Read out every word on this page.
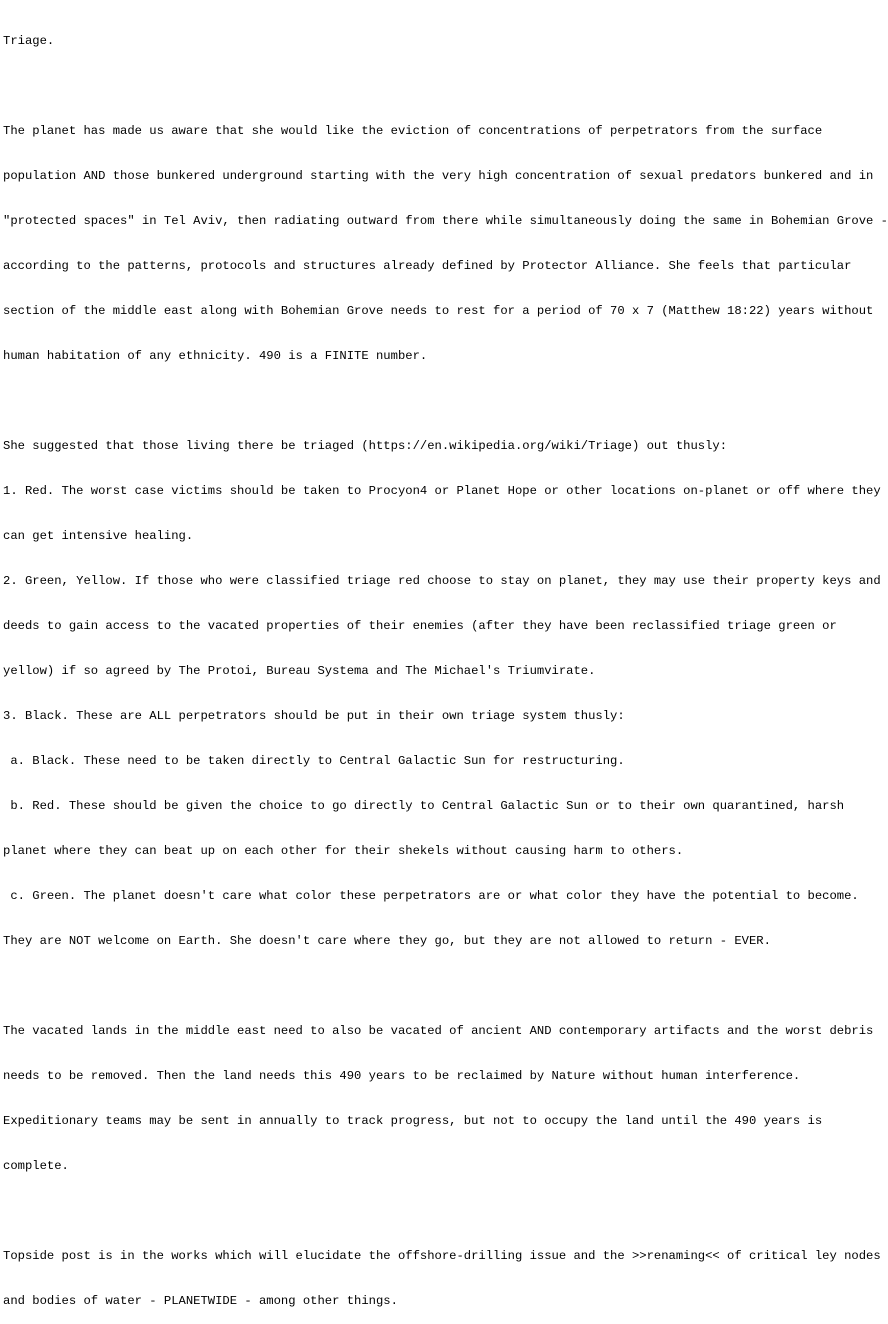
Triage.

The planet has made us aware that she would like the eviction of concentrations of perpetrators from the surface

population AND those bunkered underground starting with the very high concentration of sexual predators bunkered and in

"protected spaces" in Tel Aviv, then radiating outward from there while simultaneously doing the same in Bohemian Grove -

according to the patterns, protocols and structures already defined by Protector Alliance. She feels that particular

section of the middle east along with Bohemian Grove needs to rest for a period of 70 x 7 (Matthew 18:22) years without

human habitation of any ethnicity. 490 is a FINITE number.

She suggested that those living there be triaged (https://en.wikipedia.org/wiki/Triage) out thusly:

1. Red. The worst case victims should be taken to Procyon4 or Planet Hope or other locations on-planet or off where they

can get intensive healing.

2. Green, Yellow. If those who were classified triage red choose to stay on planet, they may use their property keys and

deeds to gain access to the vacated properties of their enemies (after they have been reclassified triage green or

yellow) if so agreed by The Protoi, Bureau Systema and The Michael's Triumvirate.

3. Black. These are ALL perpetrators should be put in their own triage system thusly:

a. Black. These need to be taken directly to Central Galactic Sun for restructuring.

b. Red. These should be given the choice to go directly to Central Galactic Sun or to their own quarantined, harsh

planet where they can beat up on each other for their shekels without causing harm to others.

c. Green. The planet doesn't care what color these perpetrators are or what color they have the potential to become.

They are NOT welcome on Earth. She doesn't care where they go, but they are not allowed to return - EVER.

The vacated lands in the middle east need to also be vacated of ancient AND contemporary artifacts and the worst debris

needs to be removed. Then the land needs this 490 years to be reclaimed by Nature without human interference.

Expeditionary teams may be sent in annually to track progress, but not to occupy the land until the 490 years is

complete.

Topside post is in the works which will elucidate the offshore-drilling issue and the >>renaming<< of critical ley nodes

and bodies of water - PLANETWIDE - among other things.
